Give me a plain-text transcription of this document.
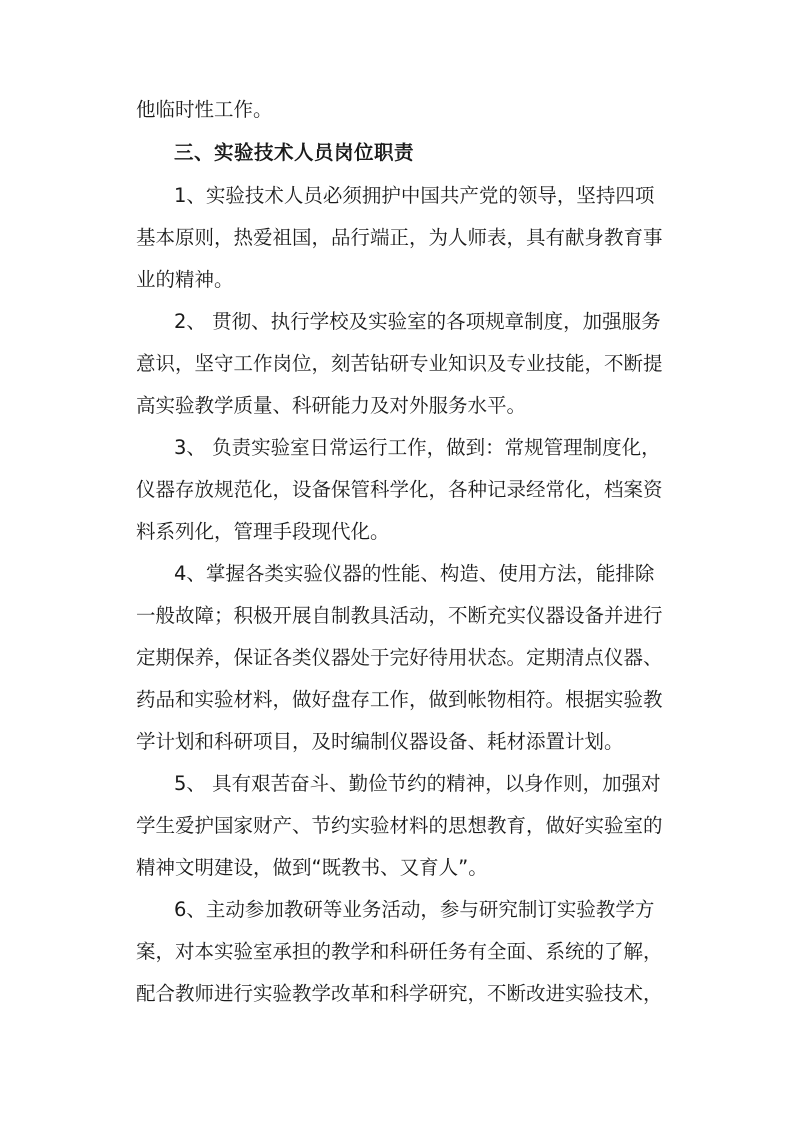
他临时性工作。
三、实验技术人员岗位职责
1、实验技术人员必须拥护中国共产党的领导，坚持四项
基本原则，热爱祖国，品行端正，为人师表，具有献身教育事
业的精神。
2、 贯彻、执行学校及实验室的各项规章制度，加强服务
意识，坚守工作岗位，刻苦钻研专业知识及专业技能，不断提
高实验教学质量、科研能力及对外服务水平。
3、 负责实验室日常运行工作，做到：常规管理制度化，
仪器存放规范化，设备保管科学化，各种记录经常化，档案资
料系列化，管理手段现代化。
4、掌握各类实验仪器的性能、构造、使用方法，能排除
一般故障；积极开展自制教具活动，不断充实仪器设备并进行
定期保养，保证各类仪器处于完好待用状态。定期清点仪器、
药品和实验材料，做好盘存工作，做到帐物相符。根据实验教
学计划和科研项目，及时编制仪器设备、耗材添置计划。
5、 具有艰苦奋斗、勤俭节约的精神，以身作则，加强对
学生爱护国家财产、节约实验材料的思想教育，做好实验室的
精神文明建设，做到“既教书、又育人”。
6、主动参加教研等业务活动，参与研究制订实验教学方
案，对本实验室承担的教学和科研任务有全面、系统的了解，
配合教师进行实验教学改革和科学研究，不断改进实验技术，
